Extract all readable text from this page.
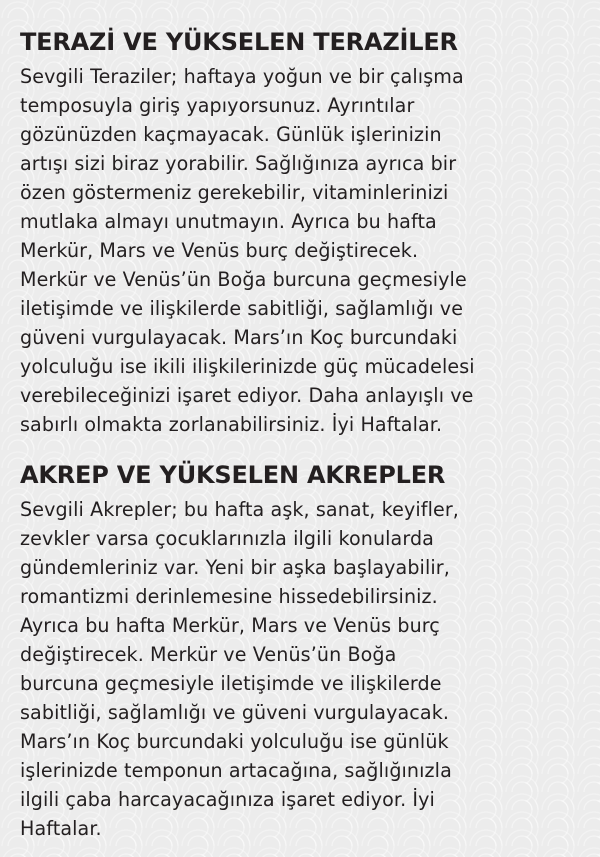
TERAZİ VE YÜKSELEN TERAZİLER

Sevgili Teraziler; haftaya yoğun ve bir çalışma
temposuyla giriş yapıyorsunuz. Ayrıntılar
gözünüzden kaçmayacak. Günlük işlerinizin
artışı sizi biraz yorabilir. Sağlığınıza ayrıca bir
özen göstermeniz gerekebilir, vitaminlerinizi
mutlaka almayı unutmayın. Ayrıca bu hafta
Merkür, Mars ve Venüs burç değiştirecek.
Merkür ve Venüs’ün Boğa burcuna geçmesiyle
iletişimde ve ilişkilerde sabitliği, sağlamlığı ve
güveni vurgulayacak. Mars’ın Koç burcundaki
yolculuğu ise ikili ilişkilerinizde güç mücadelesi
verebileceğinizi işaret ediyor. Daha anlayışlı ve
sabırlı olmakta zorlanabilirsiniz. İyi Haftalar.

AKREP VE YÜKSELEN AKREPLER

Sevgili Akrepler; bu hafta aşk, sanat, keyifler,
zevkler varsa çocuklarınızla ilgili konularda
gündemleriniz var. Yeni bir aşka başlayabilir,
romantizmi derinlemesine hissedebilirsiniz.
Ayrıca bu hafta Merkür, Mars ve Venüs burç
değiştirecek. Merkür ve Venüs’ün Boğa
burcuna geçmesiyle iletişimde ve ilişkilerde
sabitliği, sağlamlığı ve güveni vurgulayacak.
Mars’ın Koç burcundaki yolculuğu ise günlük
işlerinizde temponun artacağına, sağlığınızla
ilgili çaba harcayacağınıza işaret ediyor. İyi
Haftalar.
